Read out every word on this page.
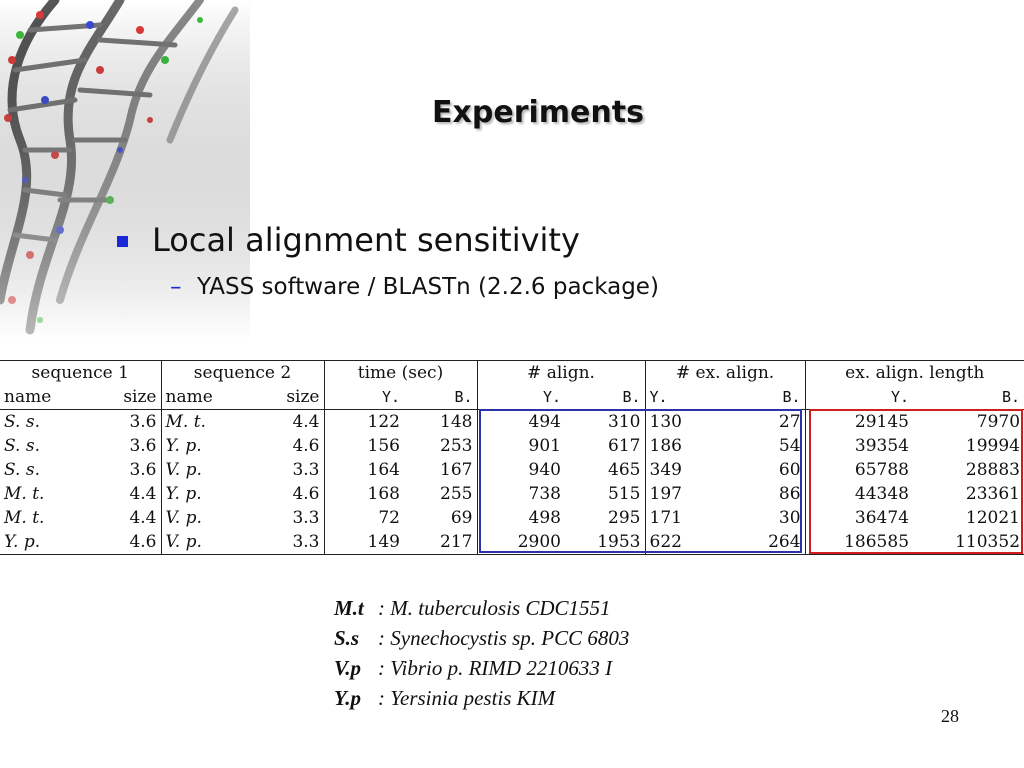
Experiments
Local alignment sensitivity
– YASS software / BLASTn (2.2.6 package)
sequence 1		sequence 2		time (sec)		# align.		# ex. align.		ex. align. length	
name	size	name	size	Y.	B.	Y.	B.	Y.	B.	Y.	B.
S. s.	3.6	M. t.	4.4	122	148	494	310	130	27	29145	7970
S. s.	3.6	Y. p.	4.6	156	253	901	617	186	54	39354	19994
S. s.	3.6	V. p.	3.3	164	167	940	465	349	60	65788	28883
M. t.	4.4	Y. p.	4.6	168	255	738	515	197	86	44348	23361
M. t.	4.4	V. p.	3.3	72	69	498	295	171	30	36474	12021
Y. p.	4.6	V. p.	3.3	149	217	2900	1953	622	264	186585	110352
M.t : M. tuberculosis CDC1551
S.s : Synechocystis sp. PCC 6803
V.p : Vibrio p. RIMD 2210633 I
Y.p : Yersinia pestis KIM
28
